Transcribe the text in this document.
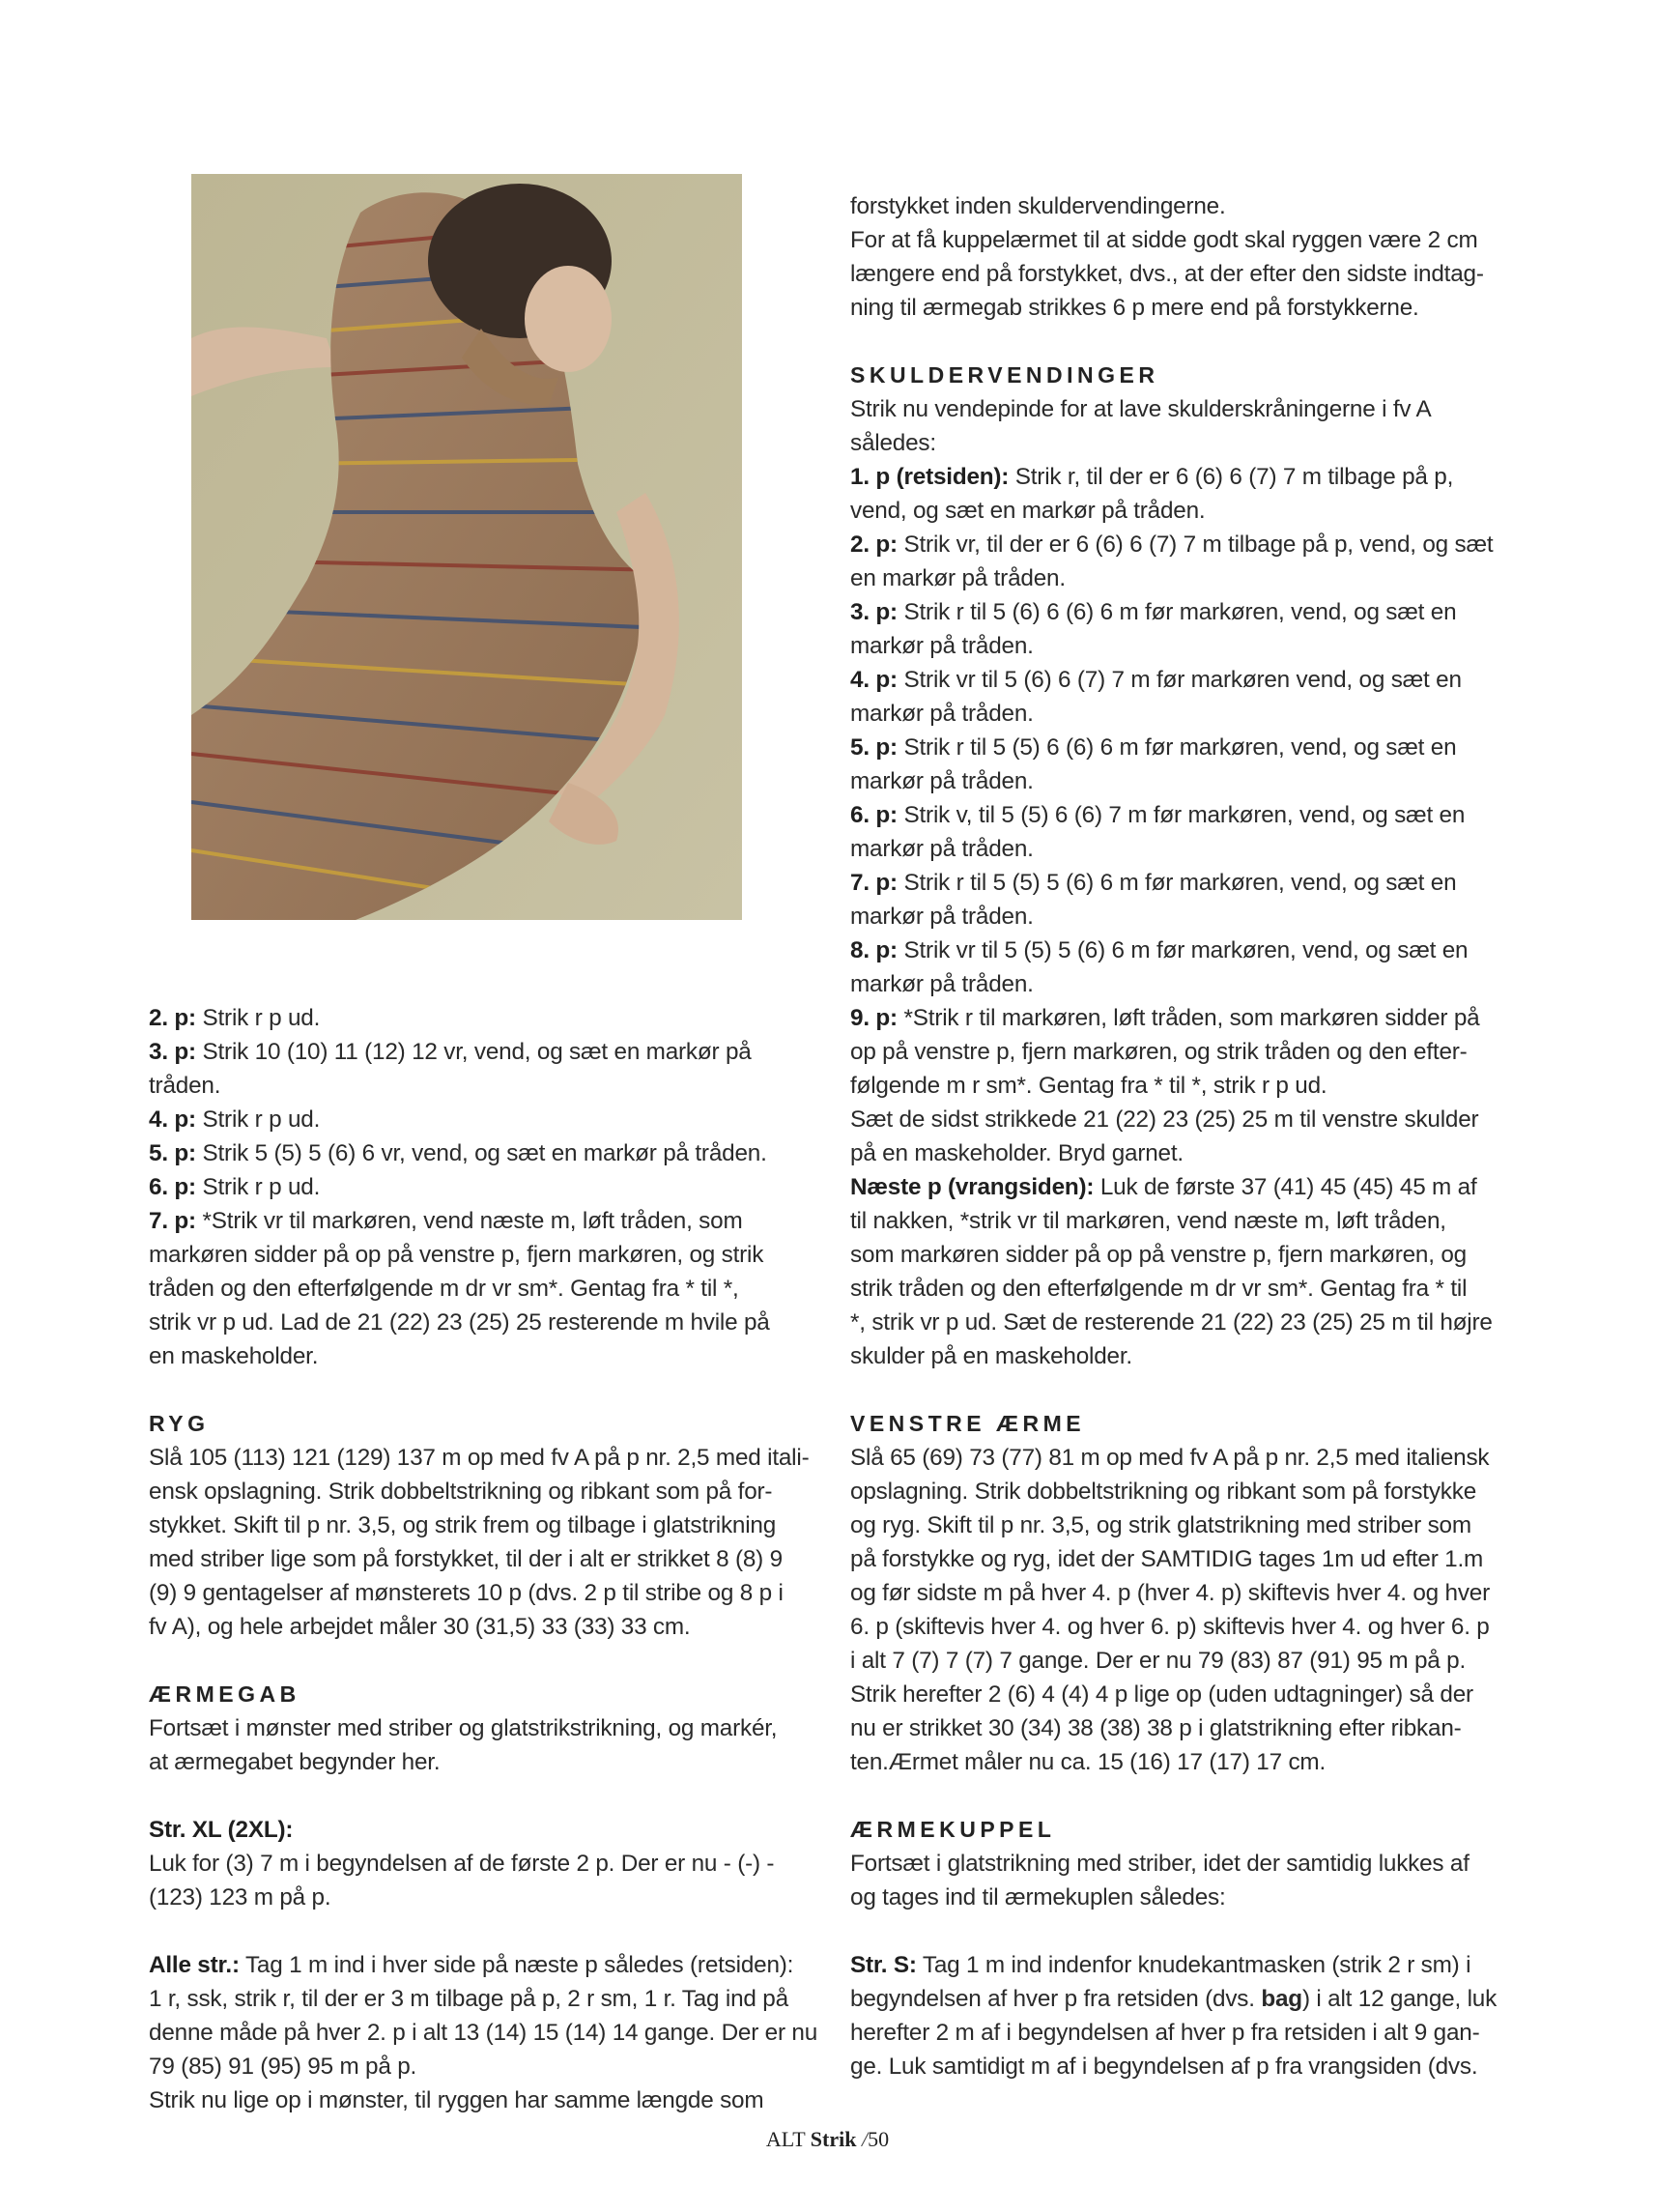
2. p: Strik r p ud.

3. p: Strik 10 (10) 11 (12) 12 vr, vend, og sæt en markør på tråden.

4. p: Strik r p ud.

5. p: Strik 5 (5) 5 (6) 6 vr, vend, og sæt en markør på tråden.

6. p: Strik r p ud.

7. p: *Strik vr til markøren, vend næste m, løft tråden, som

markøren sidder på op på venstre p, fjern markøren, og strik

tråden og den efterfølgende m dr vr sm*. Gentag fra * til *,

strik vr p ud. Lad de 21 (22) 23 (25) 25 resterende m hvile på

en maskeholder.

RYG

Slå 105 (113) 121 (129) 137 m op med fv A på p nr. 2,5 med itali-

ensk opslagning. Strik dobbeltstrikning og ribkant som på for-

stykket. Skift til p nr. 3,5, og strik frem og tilbage i glatstrikning

med striber lige som på forstykket, til der i alt er strikket 8 (8) 9

(9) 9 gentagelser af mønsterets 10 p (dvs. 2 p til stribe og 8 p i

fv A), og hele arbejdet måler 30 (31,5) 33 (33) 33 cm.

ÆRMEGAB

Fortsæt i mønster med striber og glatstrikstrikning, og markér,

at ærmegabet begynder her.

Str. XL (2XL):

Luk for (3) 7 m i begyndelsen af de første 2 p. Der er nu - (-) -

(123) 123 m på p.

Alle str.: Tag 1 m ind i hver side på næste p således (retsiden):

1 r, ssk, strik r, til der er 3 m tilbage på p, 2 r sm, 1 r. Tag ind på

denne måde på hver 2. p i alt 13 (14) 15 (14) 14 gange. Der er nu

79 (85) 91 (95) 95 m på p.

Strik nu lige op i mønster, til ryggen har samme længde som

forstykket inden skuldervendingerne.

For at få kuppelærmet til at sidde godt skal ryggen være 2 cm

længere end på forstykket, dvs., at der efter den sidste indtag-

ning til ærmegab strikkes 6 p mere end på forstykkerne.

SKULDERVENDINGER

Strik nu vendepinde for at lave skulderskråningerne i fv A

således:

1. p (retsiden): Strik r, til der er 6 (6) 6 (7) 7 m tilbage på p,

vend, og sæt en markør på tråden.

2. p: Strik vr, til der er 6 (6) 6 (7) 7 m tilbage på p, vend, og sæt

en markør på tråden.

3. p: Strik r til 5 (6) 6 (6) 6 m før markøren, vend, og sæt en

markør på tråden.

4. p: Strik vr til 5 (6) 6 (7) 7 m før markøren vend, og sæt en

markør på tråden.

5. p: Strik r til 5 (5) 6 (6) 6 m før markøren, vend, og sæt en

markør på tråden.

6. p: Strik v, til 5 (5) 6 (6) 7 m før markøren, vend, og sæt en

markør på tråden.

7. p: Strik r til 5 (5) 5 (6) 6 m før markøren, vend, og sæt en

markør på tråden.

8. p: Strik vr til 5 (5) 5 (6) 6 m før markøren, vend, og sæt en

markør på tråden.

9. p: *Strik r til markøren, løft tråden, som markøren sidder på

op på venstre p, fjern markøren, og strik tråden og den efter-

følgende m r sm*. Gentag fra * til *, strik r p ud.

Sæt de sidst strikkede 21 (22) 23 (25) 25 m til venstre skulder

på en maskeholder. Bryd garnet.

Næste p (vrangsiden): Luk de første 37 (41) 45 (45) 45 m af

til nakken, *strik vr til markøren, vend næste m, løft tråden,

som markøren sidder på op på venstre p, fjern markøren, og

strik tråden og den efterfølgende m dr vr sm*. Gentag fra * til

*, strik vr p ud. Sæt de resterende 21 (22) 23 (25) 25 m til højre

skulder på en maskeholder.

VENSTRE ÆRME

Slå 65 (69) 73 (77) 81 m op med fv A på p nr. 2,5 med italiensk

opslagning. Strik dobbeltstrikning og ribkant som på forstykke

og ryg. Skift til p nr. 3,5, og strik glatstrikning med striber som

på forstykke og ryg, idet der SAMTIDIG tages 1m ud efter 1.m

og før sidste m på hver 4. p (hver 4. p) skiftevis hver 4. og hver

6. p (skiftevis hver 4. og hver 6. p) skiftevis hver 4. og hver 6. p

i alt 7 (7) 7 (7) 7 gange. Der er nu 79 (83) 87 (91) 95 m på p.

Strik herefter 2 (6) 4 (4) 4 p lige op (uden udtagninger) så der

nu er strikket 30 (34) 38 (38) 38 p i glatstrikning efter ribkan-

ten.Ærmet måler nu ca. 15 (16) 17 (17) 17 cm.

ÆRMEKUPPEL

Fortsæt i glatstrikning med striber, idet der samtidig lukkes af

og tages ind til ærmekuplen således:

Str. S: Tag 1 m ind indenfor knudekantmasken (strik 2 r sm) i

begyndelsen af hver p fra retsiden (dvs. bag) i alt 12 gange, luk

herefter 2 m af i begyndelsen af hver p fra retsiden i alt 9 gan-

ge. Luk samtidigt m af i begyndelsen af p fra vrangsiden (dvs.

ALT Strik /50
